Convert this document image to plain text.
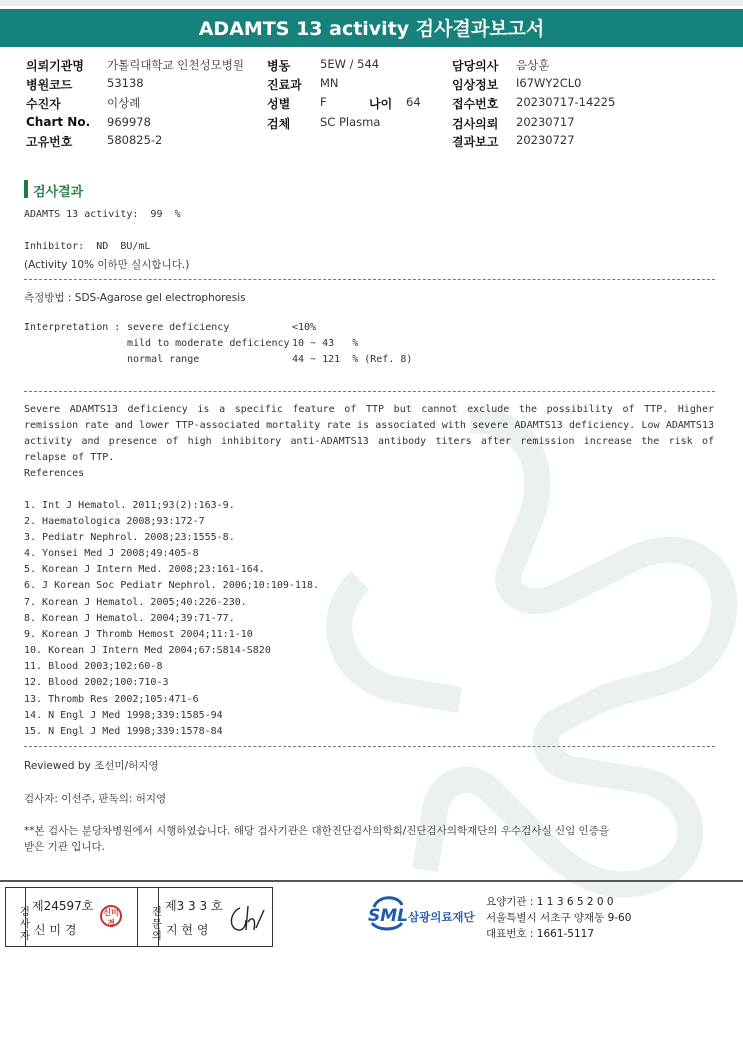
ADAMTS 13 activity 검사결과보고서
의뢰기관명 가톨릭대학교 인천성모병원
병원코드	53138
수진자	이상례
Chart No. 969978
고유번호	580825-2
병동	5EW / 544
진료과 MN
성별	F	나이 64
검체	SC Plasma
담당의사 음상훈
임상정보 I67WY2CL0
접수번호 20230717-14225
검사의뢰 20230717
결과보고 20230727
검사결과
ADAMTS 13 activity:  99  %
Inhibitor:  ND  BU/mL
(Activity 10% 이하만 실시합니다.)
측정방법 : SDS-Agarose gel electrophoresis
Interpretation : severe deficiency	<10%
mild to moderate deficiency 10 ~ 43   %
normal range	44 ~ 121  % (Ref. 8)
Severe ADAMTS13 deficiency is a specific feature of TTP but cannot exclude the possibility of TTP. Higher remission rate and lower TTP-associated mortality rate is associated with severe ADAMTS13 deficiency. Low ADAMTS13 activity and presence of high inhibitory anti-ADAMTS13 antibody titers after remission increase the risk of relapse of TTP.
References
1. Int J Hematol. 2011;93(2):163-9.
2. Haematologica 2008;93:172-7
3. Pediatr Nephrol. 2008;23:1555-8.
4. Yonsei Med J 2008;49:405-8
5. Korean J Intern Med. 2008;23:161-164.
6. J Korean Soc Pediatr Nephrol. 2006;10:109-118.
7. Korean J Hematol. 2005;40:226-230.
8. Korean J Hematol. 2004;39:71-77.
9. Korean J Thromb Hemost 2004;11:1-10
10. Korean J Intern Med 2004;67:S814-S820
11. Blood 2003;102:60-8
12. Blood 2002;100:710-3
13. Thromb Res 2002;105:471-6
14. N Engl J Med 1998;339:1585-94
15. N Engl J Med 1998;339:1578-84
Reviewed by 조선미/허지영
검사자: 이선주, 판독의: 허지영
**본 검사는 분당차병원에서 시행하였습니다. 해당 검사기관은 대한진단검사의학회/진단검사의학재단의 우수검사실 신임 인증을
받은 기관 입니다.

검사자

제24597호

신 미 경

신미경

전문의

제3 3 3 호

지 현 영

SML 삼광의료재단
요양기관 : 1 1 3 6 5 2 0 0
서울특별시 서초구 양재동 9-60
대표번호 : 1661-5117
